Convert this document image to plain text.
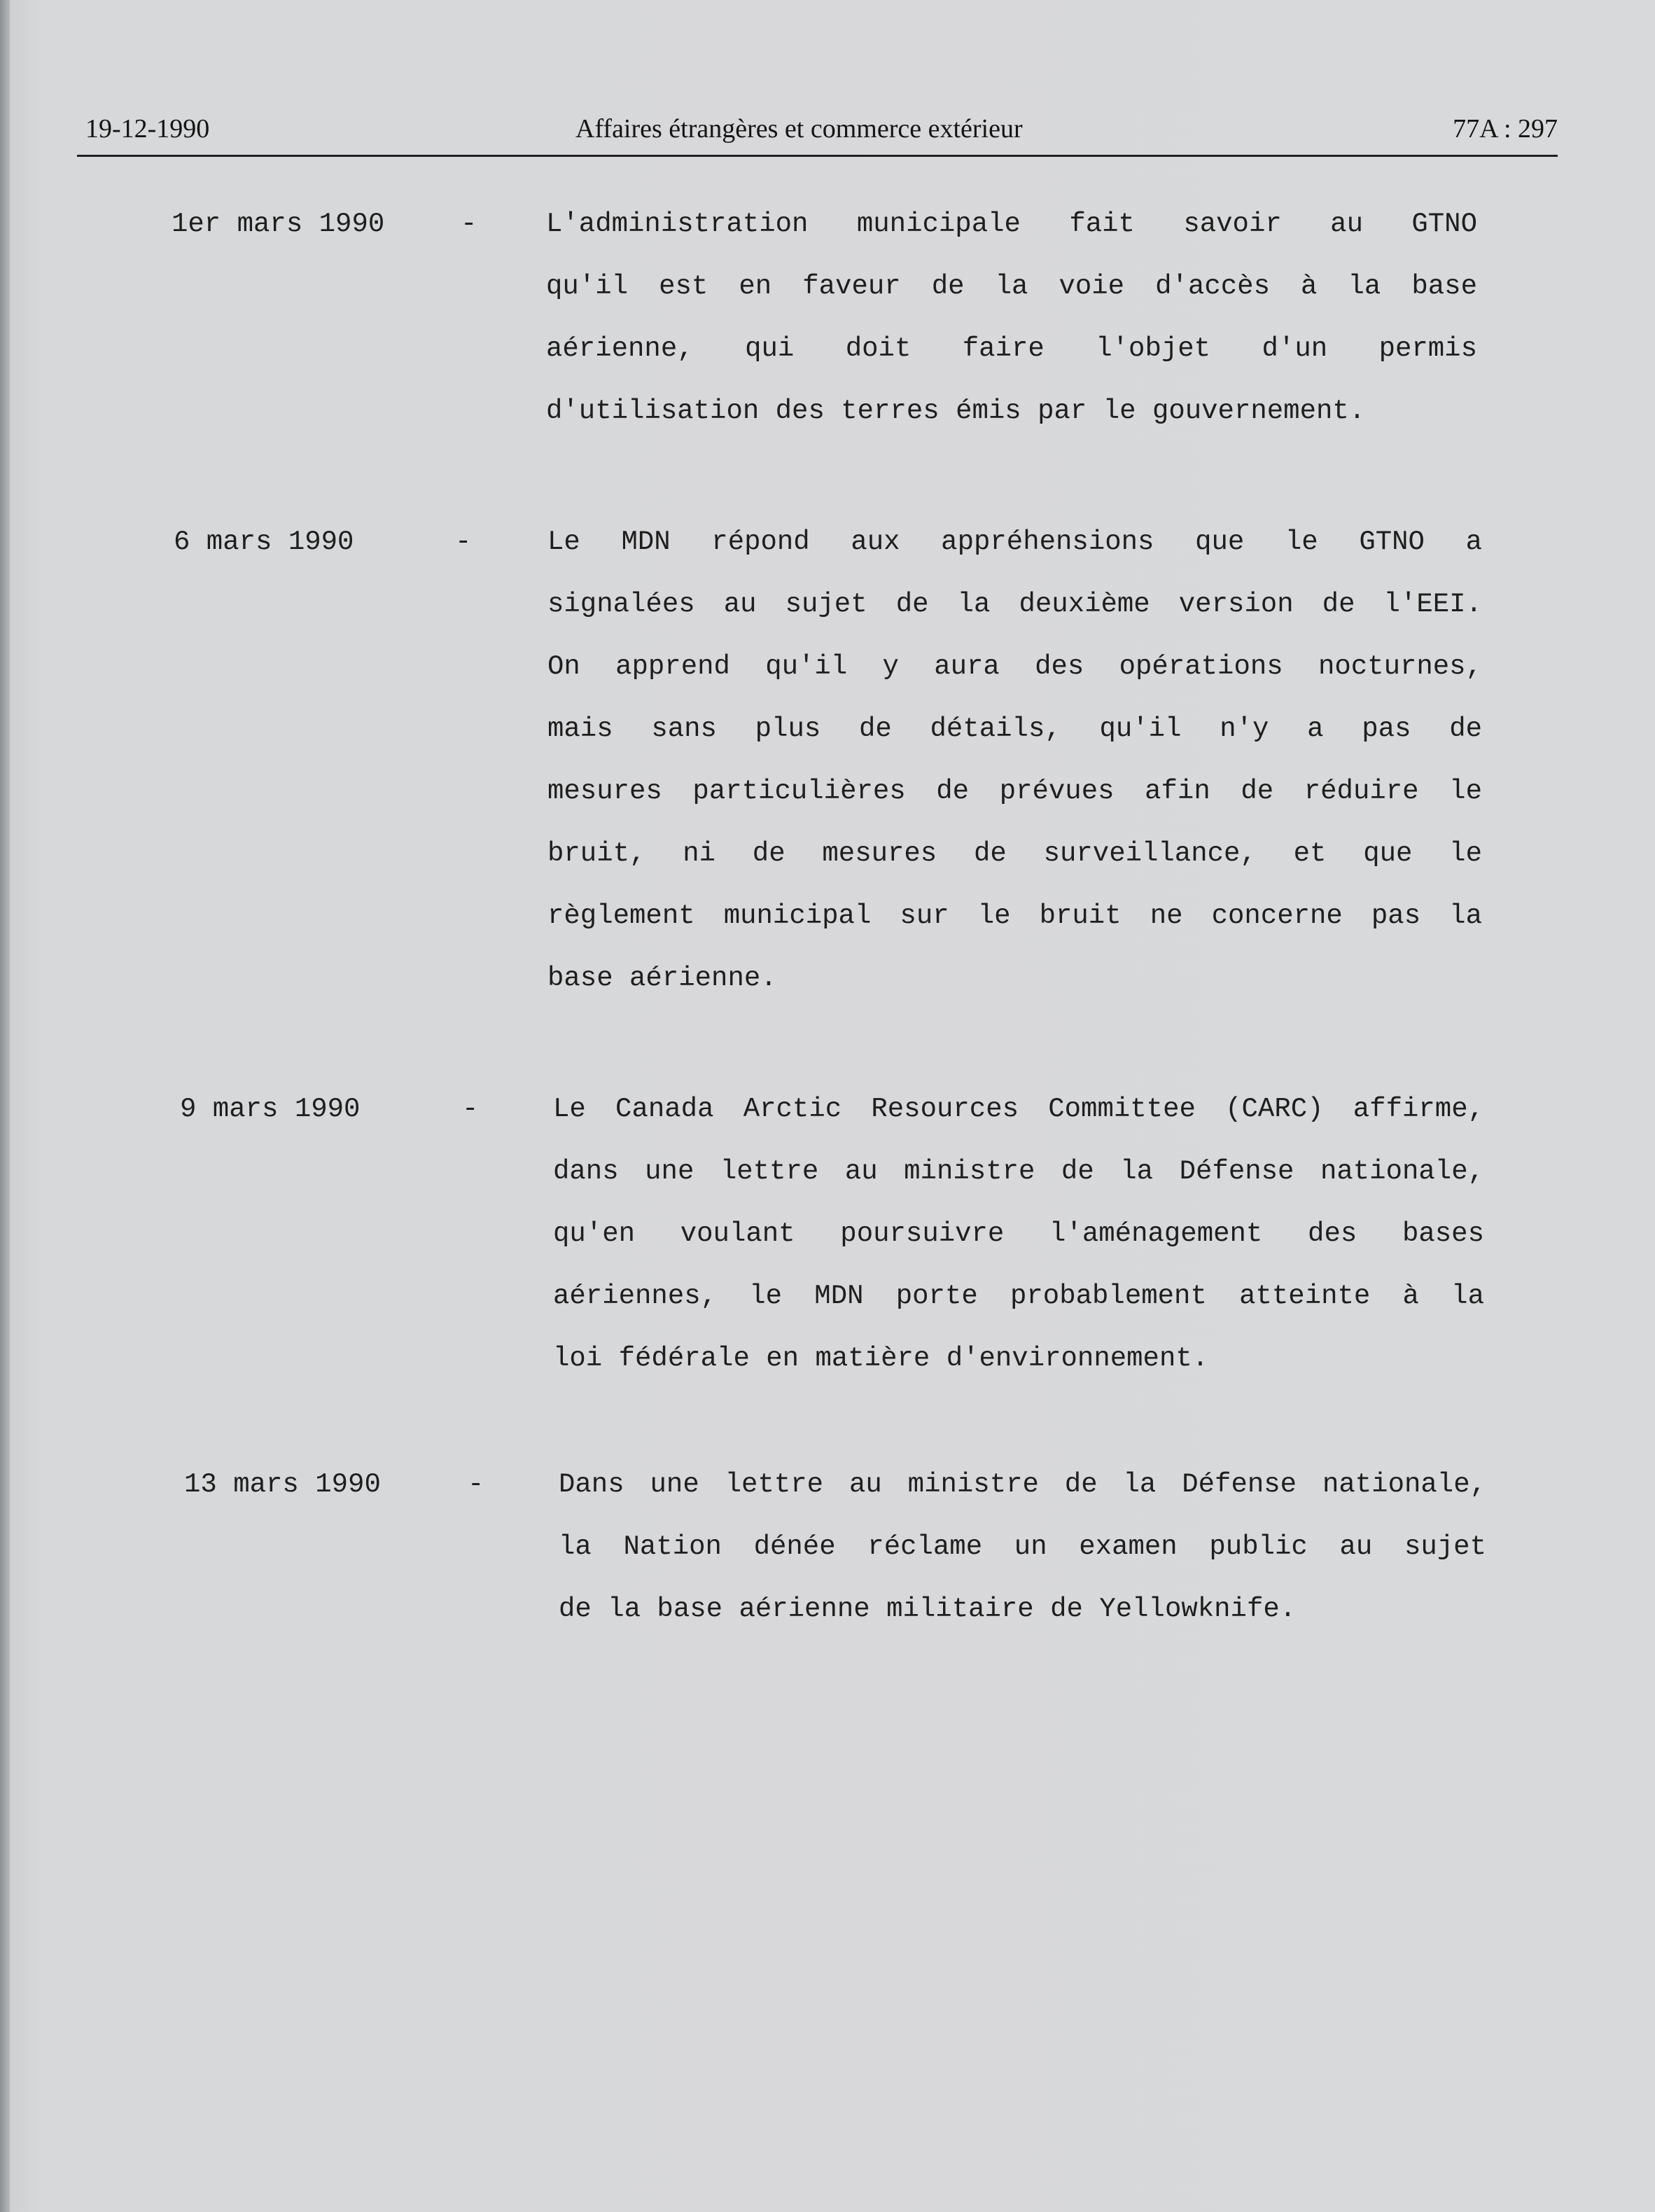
19-12-1990	Affaires étrangères et commerce extérieur	77A : 297
1er mars 1990	-	L'administration municipale fait savoir au GTNO
qu'il est en faveur de la voie d'accès à la base
aérienne, qui doit faire l'objet d'un permis
d'utilisation des terres émis par le gouvernement.
6 mars 1990	-	Le MDN répond aux appréhensions que le GTNO a
signalées au sujet de la deuxième version de l'EEI.
On apprend qu'il y aura des opérations nocturnes,
mais sans plus de détails, qu'il n'y a pas de
mesures particulières de prévues afin de réduire le
bruit, ni de mesures de surveillance, et que le
règlement municipal sur le bruit ne concerne pas la
base aérienne.
9 mars 1990	-	Le Canada Arctic Resources Committee (CARC) affirme,
dans une lettre au ministre de la Défense nationale,
qu'en voulant poursuivre l'aménagement des bases
aériennes, le MDN porte probablement atteinte à la
loi fédérale en matière d'environnement.
13 mars 1990	-	Dans une lettre au ministre de la Défense nationale,
la Nation dénée réclame un examen public au sujet
de la base aérienne militaire de Yellowknife.
